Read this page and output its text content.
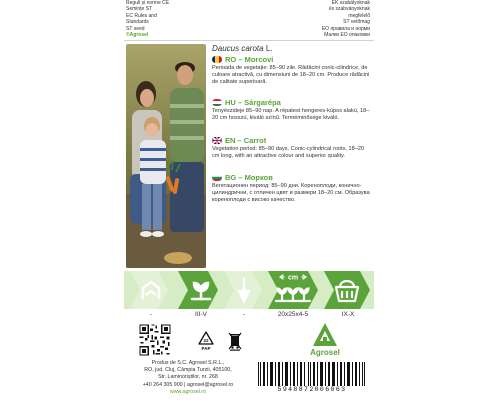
Reguli și norme CE
Semințe ST
EC Rules and
Standards
ST seed
©Agrosel
EK szabályoknak
és szabványoknak
megfelelő
ST vetőmag
ЕО правила и норми
Малки ЕО опаковки
Daucus carota L.
RO – Morcovi
Perioada de vegetație: 85–90 zile. Rădăcini conic-cilindrice, de culoare atractivă, cu dimensiuni de 18–20 cm. Produce rădăcini de calitate superioară.
HU – Sárgarépa
Tenyészideje 85–90 nap. A répatest hengeres-kúpos alakú, 18–20 cm hosszú, kiváló színű. Terméminősége kiváló.
EN – Carrot
Vegetation period: 85–90 days. Conic-cylindrical roots, 18–20 cm long, with an attractive colour and superior quality.
BG – Морков
Вегетационен период: 85–90 дни. Кореноплоди, конично-цилиндрични, с отличен цвят и размери 18–20 см. Образува кореноплоди с високо качество.
cm
-	III-V	-	20x25x4-5	IX-X
22
PAP	Agrosel
Produs de S.C. Agrosel S.R.L.,
RO, jud. Cluj, Câmpia Turzii, 405100,
Str. Laminoriștilor, nr. 268
+40 264 305 900 | agrosel@agrosel.ro
www.agrosel.ro	5948872006063
